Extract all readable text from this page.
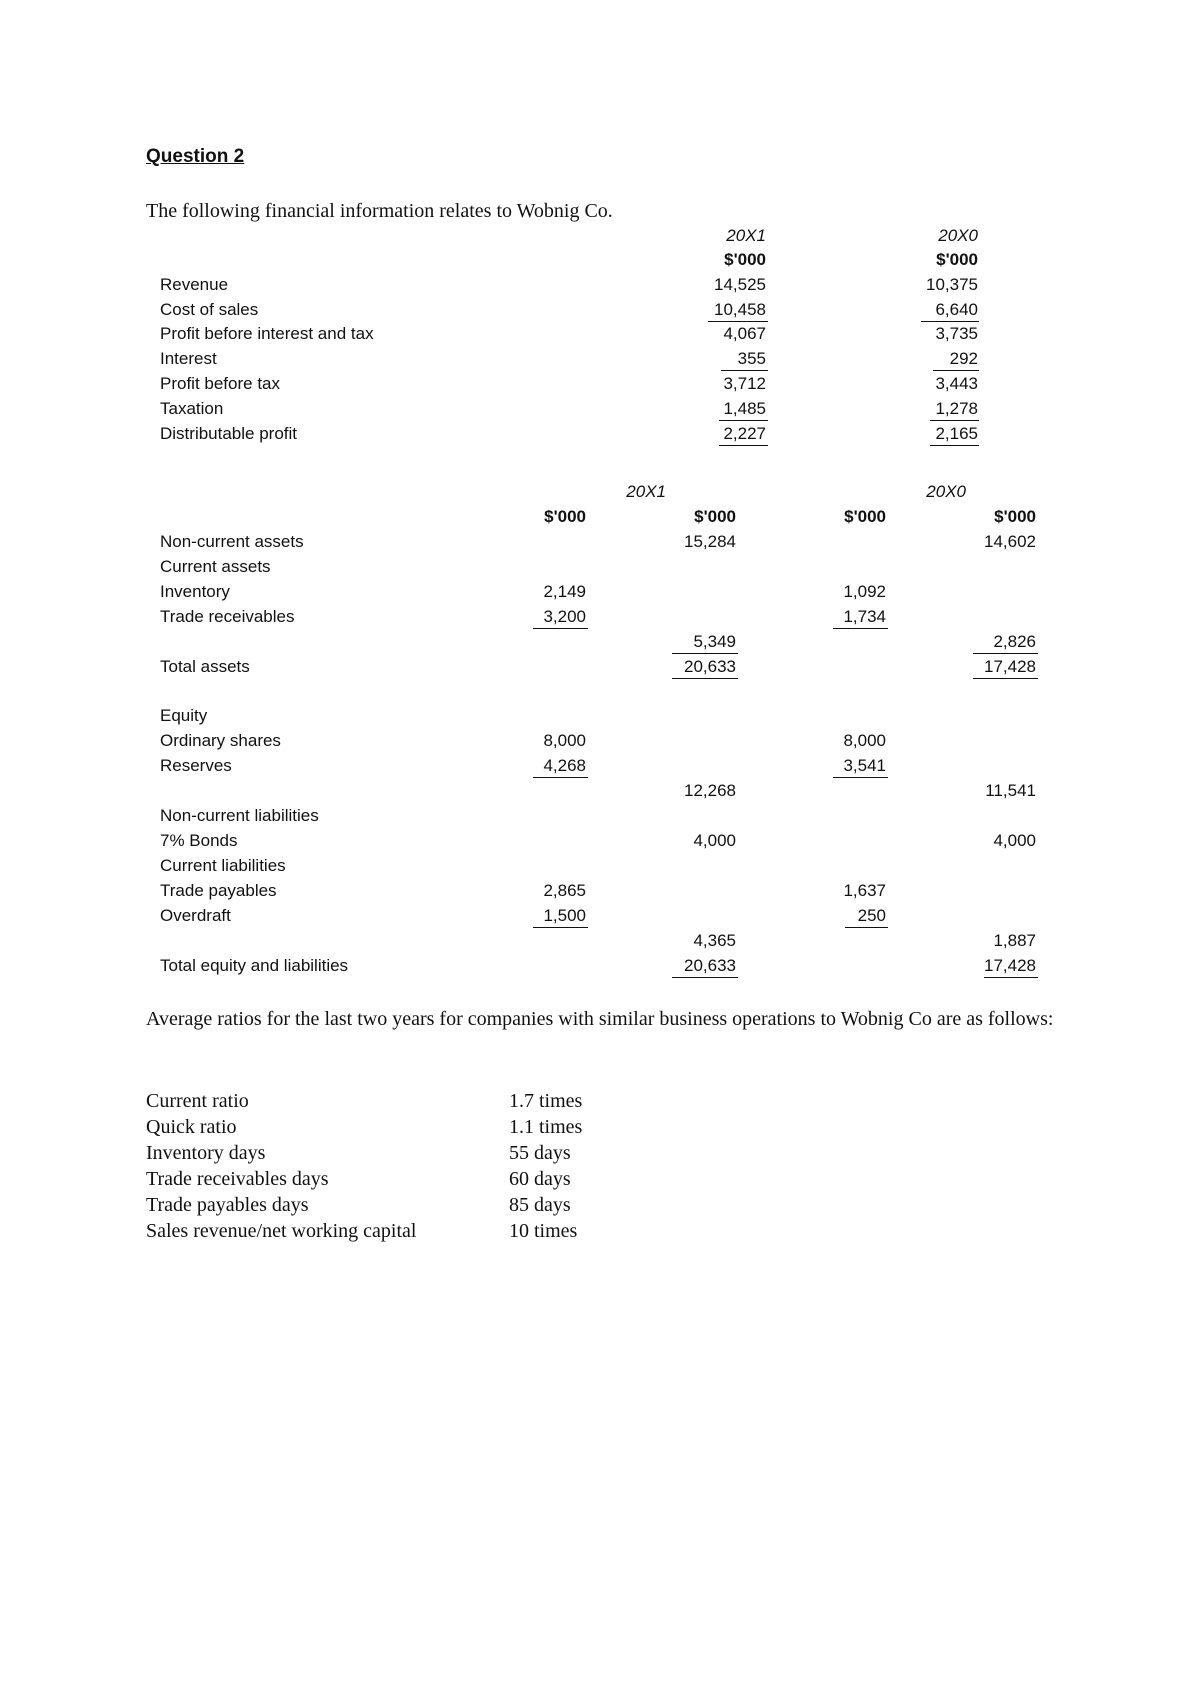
Question 2
The following financial information relates to Wobnig Co.
20X1	20X0
$'000	$'000
Revenue	14,525	10,375
Cost of sales	10,458	6,640
Profit before interest and tax	4,067	3,735
Interest	355	292
Profit before tax	3,712	3,443
Taxation	1,485	1,278
Distributable profit	2,227	2,165
20X1	20X0
$'000	$'000	$'000	$'000
Non-current assets	15,284	14,602
Current assets
Inventory	2,149	1,092
Trade receivables	3,200	1,734
5,349	2,826
Total assets	20,633	17,428
Equity
Ordinary shares	8,000	8,000
Reserves	4,268	3,541
12,268	11,541
Non-current liabilities
7% Bonds	4,000	4,000
Current liabilities
Trade payables	2,865	1,637
Overdraft	1,500	250
4,365	1,887
Total equity and liabilities	20,633	17,428
Average ratios for the last two years for companies with similar business operations to Wobnig Co are as follows:
Current ratio	1.7 times
Quick ratio	1.1 times
Inventory days	55 days
Trade receivables days	60 days
Trade payables days	85 days
Sales revenue/net working capital	10 times
